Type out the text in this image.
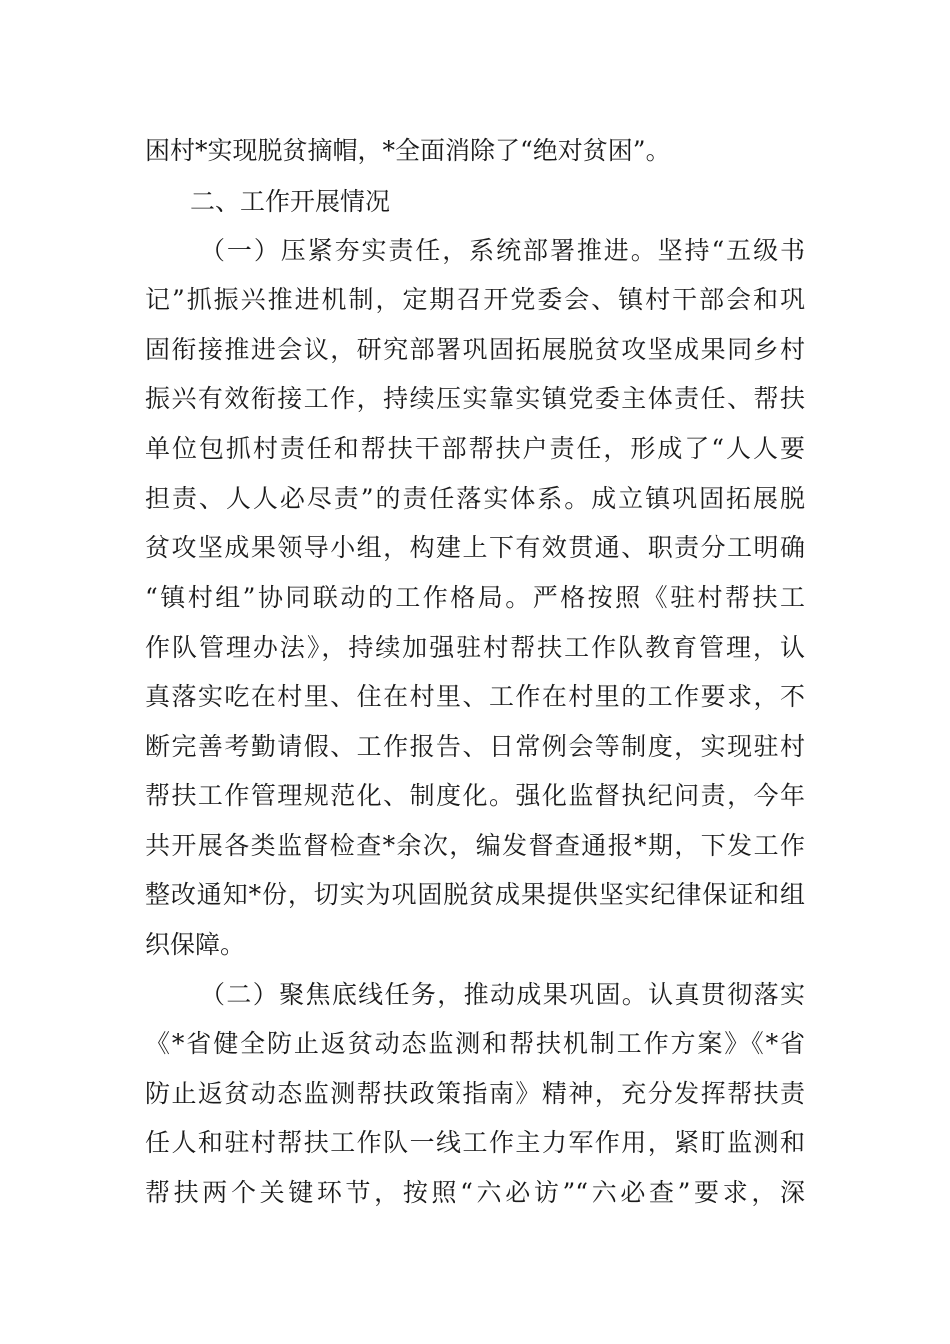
困村*实现脱贫摘帽，*全面消除了“绝对贫困”。
二、工作开展情况
（一）压紧夯实责任，系统部署推进。坚持“五级书
记”抓振兴推进机制，定期召开党委会、镇村干部会和巩
固衔接推进会议，研究部署巩固拓展脱贫攻坚成果同乡村
振兴有效衔接工作，持续压实靠实镇党委主体责任、帮扶
单位包抓村责任和帮扶干部帮扶户责任，形成了“人人要
担责、人人必尽责”的责任落实体系。成立镇巩固拓展脱
贫攻坚成果领导小组，构建上下有效贯通、职责分工明确
“镇村组”协同联动的工作格局。严格按照《驻村帮扶工
作队管理办法》，持续加强驻村帮扶工作队教育管理，认
真落实吃在村里、住在村里、工作在村里的工作要求，不
断完善考勤请假、工作报告、日常例会等制度，实现驻村
帮扶工作管理规范化、制度化。强化监督执纪问责，今年
共开展各类监督检查*余次，编发督查通报*期，下发工作
整改通知*份，切实为巩固脱贫成果提供坚实纪律保证和组
织保障。
（二）聚焦底线任务，推动成果巩固。认真贯彻落实
《*省健全防止返贫动态监测和帮扶机制工作方案》《*省
防止返贫动态监测帮扶政策指南》精神，充分发挥帮扶责
任人和驻村帮扶工作队一线工作主力军作用，紧盯监测和
帮扶两个关键环节，按照“六必访”“六必查”要求，深
